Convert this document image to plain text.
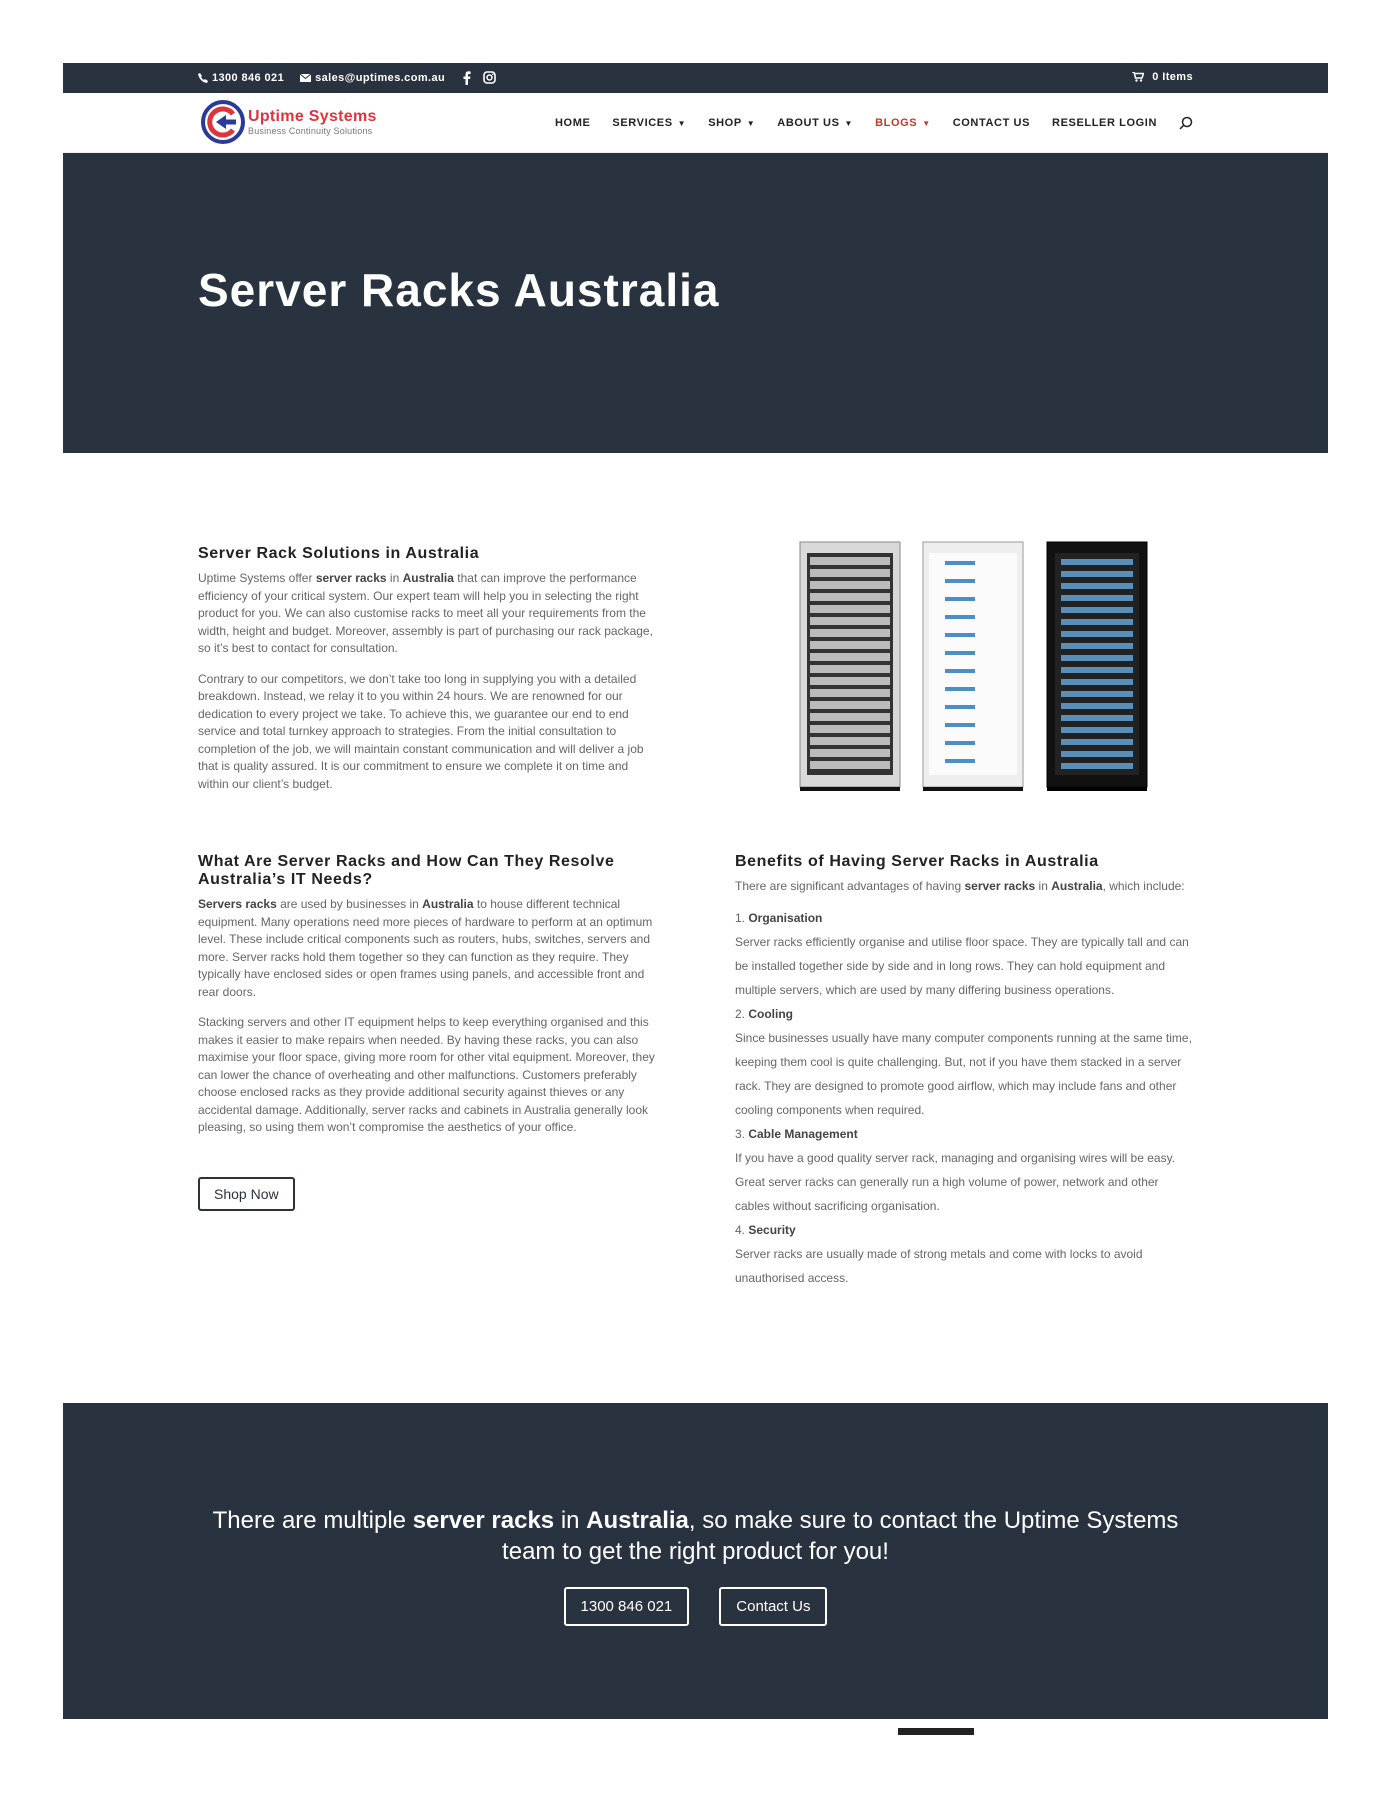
1300 846 021	sales@uptimes.com.au	0 Items
Uptime Systems
Business Continuity Solutions
HOME SERVICES ▼ SHOP ▼ ABOUT US ▼ BLOGS ▼ CONTACT US RESELLER LOGIN
Server Racks Australia
Server Rack Solutions in Australia

Uptime Systems offer server racks in Australia that can improve the performance efficiency of your critical system. Our expert team will help you in selecting the right product for you. We can also customise racks to meet all your requirements from the width, height and budget. Moreover, assembly is part of purchasing our rack package, so it’s best to contact for consultation.

Contrary to our competitors, we don’t take too long in supplying you with a detailed breakdown. Instead, we relay it to you within 24 hours. We are renowned for our dedication to every project we take. To achieve this, we guarantee our end to end service and total turnkey approach to strategies. From the initial consultation to completion of the job, we will maintain constant communication and will deliver a job that is quality assured. It is our commitment to ensure we complete it on time and within our client’s budget.

What Are Server Racks and How Can They Resolve Australia’s IT Needs?

Servers racks are used by businesses in Australia to house different technical equipment. Many operations need more pieces of hardware to perform at an optimum level. These include critical components such as routers, hubs, switches, servers and more. Server racks hold them together so they can function as they require. They typically have enclosed sides or open frames using panels, and accessible front and rear doors.

Stacking servers and other IT equipment helps to keep everything organised and this makes it easier to make repairs when needed. By having these racks, you can also maximise your floor space, giving more room for other vital equipment. Moreover, they can lower the chance of overheating and other malfunctions. Customers preferably choose enclosed racks as they provide additional security against thieves or any accidental damage. Additionally, server racks and cabinets in Australia generally look pleasing, so using them won’t compromise the aesthetics of your office.

Shop Now
Benefits of Having Server Racks in Australia

There are significant advantages of having server racks in Australia, which include:

1. Organisation
Server racks efficiently organise and utilise floor space. They are typically tall and can be installed together side by side and in long rows. They can hold equipment and multiple servers, which are used by many differing business operations.
2. Cooling
Since businesses usually have many computer components running at the same time, keeping them cool is quite challenging. But, not if you have them stacked in a server rack. They are designed to promote good airflow, which may include fans and other cooling components when required.
3. Cable Management
If you have a good quality server rack, managing and organising wires will be easy. Great server racks can generally run a high volume of power, network and other cables without sacrificing organisation.
4. Security
Server racks are usually made of strong metals and come with locks to avoid unauthorised access.
There are multiple server racks in Australia, so make sure to contact the Uptime Systems team to get the right product for you!
1300 846 021	Contact Us
